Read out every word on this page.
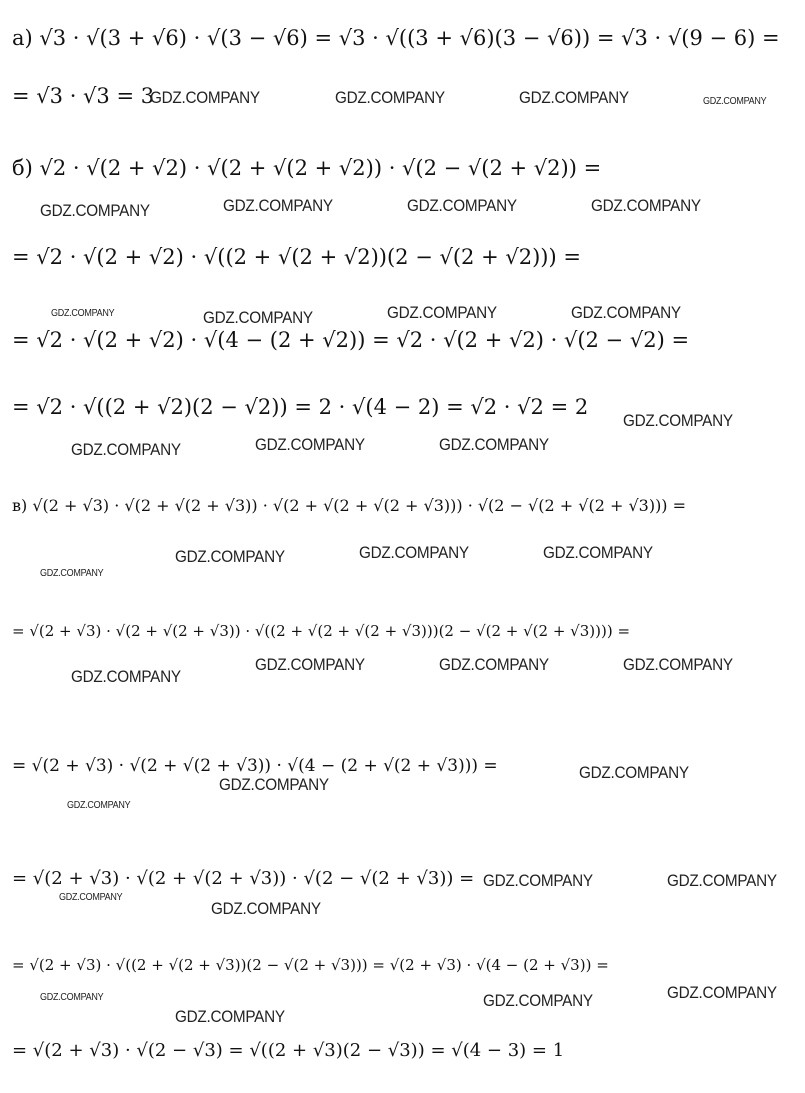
а) √3 · √(3 + √6) · √(3 − √6) = √3 · √((3 + √6)(3 − √6)) = √3 · √(9 − 6) =
= √3 · √3 = 3
б) √2 · √(2 + √2) · √(2 + √(2 + √2)) · √(2 − √(2 + √2)) =
= √2 · √(2 + √2) · √((2 + √(2 + √2))(2 − √(2 + √2))) =
= √2 · √(2 + √2) · √(4 − (2 + √2)) = √2 · √(2 + √2) · √(2 − √2) =
= √2 · √((2 + √2)(2 − √2)) = 2 · √(4 − 2) = √2 · √2 = 2
в) √(2 + √3) · √(2 + √(2 + √3)) · √(2 + √(2 + √(2 + √3))) · √(2 − √(2 + √(2 + √3))) =
= √(2 + √3) · √(2 + √(2 + √3)) · √((2 + √(2 + √(2 + √3)))(2 − √(2 + √(2 + √3)))) =
= √(2 + √3) · √(2 + √(2 + √3)) · √(4 − (2 + √(2 + √3))) =
= √(2 + √3) · √(2 + √(2 + √3)) · √(2 − √(2 + √3)) =
= √(2 + √3) · √((2 + √(2 + √3))(2 − √(2 + √3))) = √(2 + √3) · √(4 − (2 + √3)) =
= √(2 + √3) · √(2 − √3) = √((2 + √3)(2 − √3)) = √(4 − 3) = 1
GDZ.COMPANY	GDZ.COMPANY	GDZ.COMPANY	GDZ.COMPANY
GDZ.COMPANY	GDZ.COMPANY	GDZ.COMPANY	GDZ.COMPANY
GDZ.COMPANY	GDZ.COMPANY	GDZ.COMPANY	GDZ.COMPANY
GDZ.COMPANY
GDZ.COMPANY	GDZ.COMPANY	GDZ.COMPANY
GDZ.COMPANY	GDZ.COMPANY	GDZ.COMPANY
GDZ.COMPANY
GDZ.COMPANY	GDZ.COMPANY	GDZ.COMPANY
GDZ.COMPANY
GDZ.COMPANY
GDZ.COMPANY
GDZ.COMPANY
GDZ.COMPANY	GDZ.COMPANY
GDZ.COMPANY
GDZ.COMPANY
GDZ.COMPANY
GDZ.COMPANY
GDZ.COMPANY
GDZ.COMPANY
